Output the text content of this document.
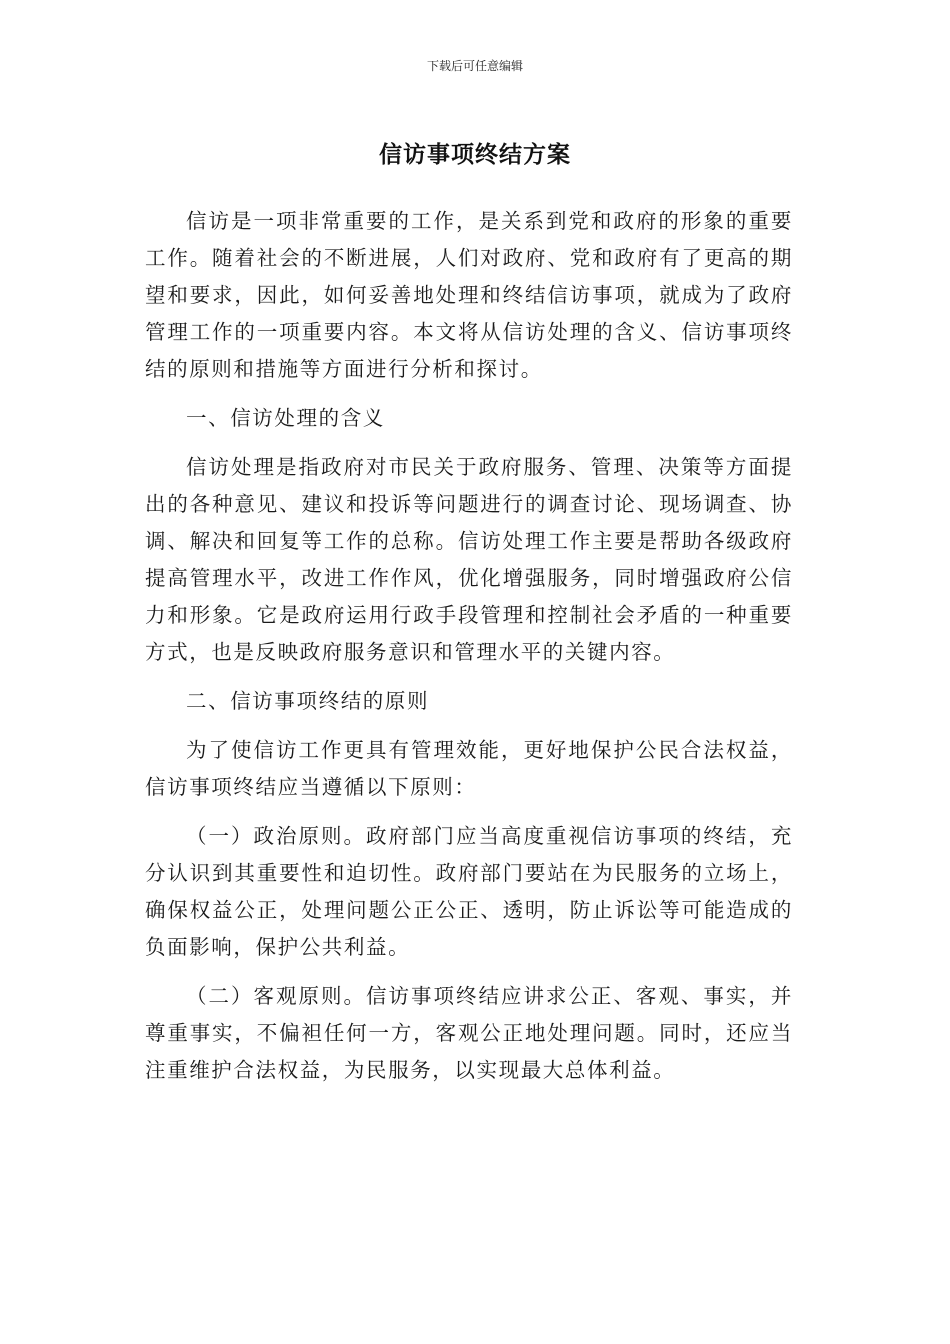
下载后可任意编辑
信访事项终结方案

信访是一项非常重要的工作，是关系到党和政府的形象的重要工作。随着社会的不断进展，人们对政府、党和政府有了更高的期望和要求，因此，如何妥善地处理和终结信访事项，就成为了政府管理工作的一项重要内容。本文将从信访处理的含义、信访事项终结的原则和措施等方面进行分析和探讨。

一、信访处理的含义

信访处理是指政府对市民关于政府服务、管理、决策等方面提出的各种意见、建议和投诉等问题进行的调查讨论、现场调查、协调、解决和回复等工作的总称。信访处理工作主要是帮助各级政府提高管理水平，改进工作作风，优化增强服务，同时增强政府公信力和形象。它是政府运用行政手段管理和控制社会矛盾的一种重要方式，也是反映政府服务意识和管理水平的关键内容。

二、信访事项终结的原则

为了使信访工作更具有管理效能，更好地保护公民合法权益，信访事项终结应当遵循以下原则：

（一）政治原则。政府部门应当高度重视信访事项的终结，充分认识到其重要性和迫切性。政府部门要站在为民服务的立场上，确保权益公正，处理问题公正公正、透明，防止诉讼等可能造成的负面影响，保护公共利益。

（二）客观原则。信访事项终结应讲求公正、客观、事实，并尊重事实，不偏袒任何一方，客观公正地处理问题。同时，还应当注重维护合法权益，为民服务，以实现最大总体利益。
